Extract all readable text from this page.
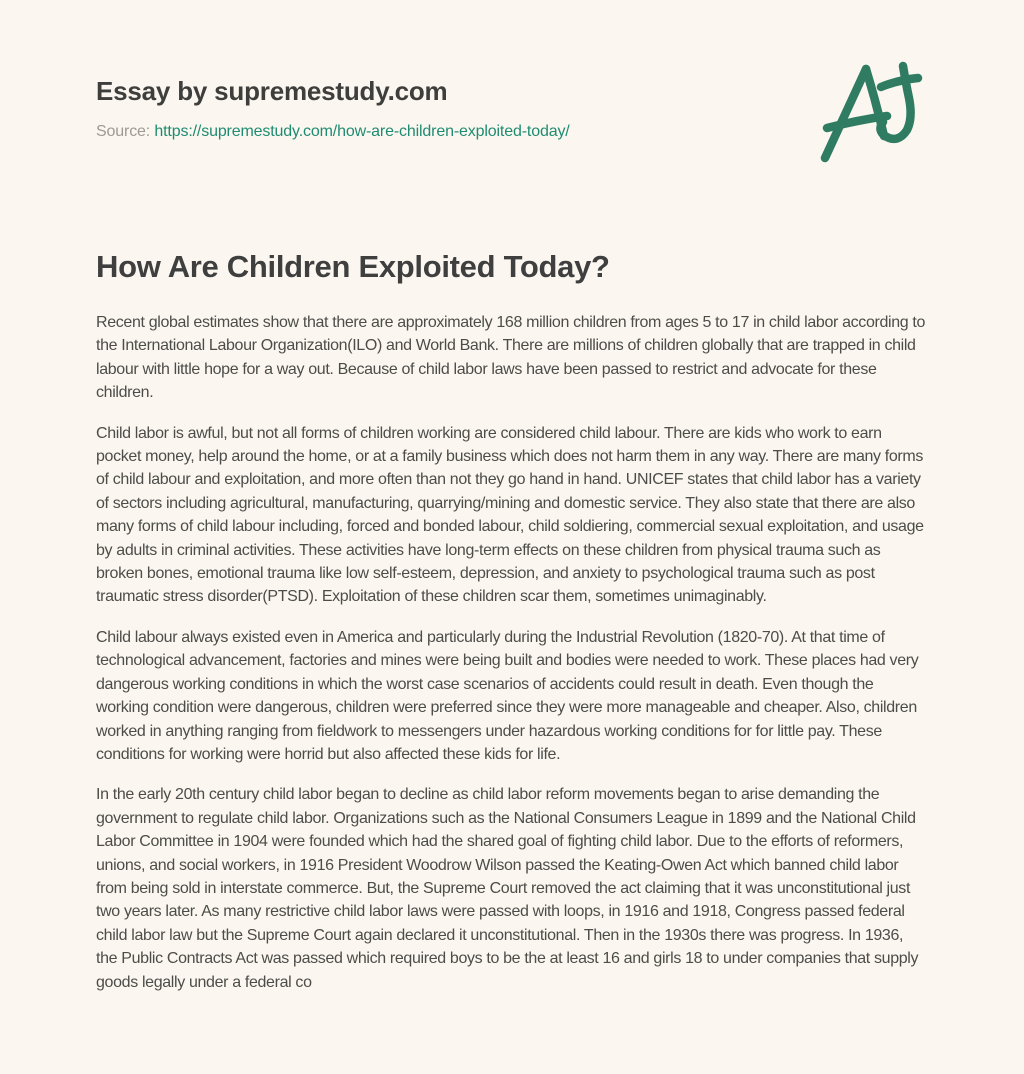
Essay by supremestudy.com
Source: https://supremestudy.com/how-are-children-exploited-today/
How Are Children Exploited Today?

Recent global estimates show that there are approximately 168 million children from ages 5 to 17 in child labor according to the International Labour Organization(ILO) and World Bank. There are millions of children globally that are trapped in child labour with little hope for a way out. Because of child labor laws have been passed to restrict and advocate for these children.

Child labor is awful, but not all forms of children working are considered child labour. There are kids who work to earn pocket money, help around the home, or at a family business which does not harm them in any way. There are many forms of child labour and exploitation, and more often than not they go hand in hand. UNICEF states that child labor has a variety of sectors including agricultural, manufacturing, quarrying/mining and domestic service. They also state that there are also many forms of child labour including, forced and bonded labour, child soldiering, commercial sexual exploitation, and usage by adults in criminal activities. These activities have long-term effects on these children from physical trauma such as broken bones, emotional trauma like low self-esteem, depression, and anxiety to psychological trauma such as post traumatic stress disorder(PTSD). Exploitation of these children scar them, sometimes unimaginably.

Child labour always existed even in America and particularly during the Industrial Revolution (1820-70). At that time of technological advancement, factories and mines were being built and bodies were needed to work. These places had very dangerous working conditions in which the worst case scenarios of accidents could result in death. Even though the working condition were dangerous, children were preferred since they were more manageable and cheaper. Also, children worked in anything ranging from fieldwork to messengers under hazardous working conditions for for little pay. These conditions for working were horrid but also affected these kids for life.

In the early 20th century child labor began to decline as child labor reform movements began to arise demanding the government to regulate child labor. Organizations such as the National Consumers League in 1899 and the National Child Labor Committee in 1904 were founded which had the shared goal of fighting child labor. Due to the efforts of reformers, unions, and social workers, in 1916 President Woodrow Wilson passed the Keating-Owen Act which banned child labor from being sold in interstate commerce. But, the Supreme Court removed the act claiming that it was unconstitutional just two years later. As many restrictive child labor laws were passed with loops, in 1916 and 1918, Congress passed federal child labor law but the Supreme Court again declared it unconstitutional. Then in the 1930s there was progress. In 1936, the Public Contracts Act was passed which required boys to be the at least 16 and girls 18 to under companies that supply goods legally under a federal co
